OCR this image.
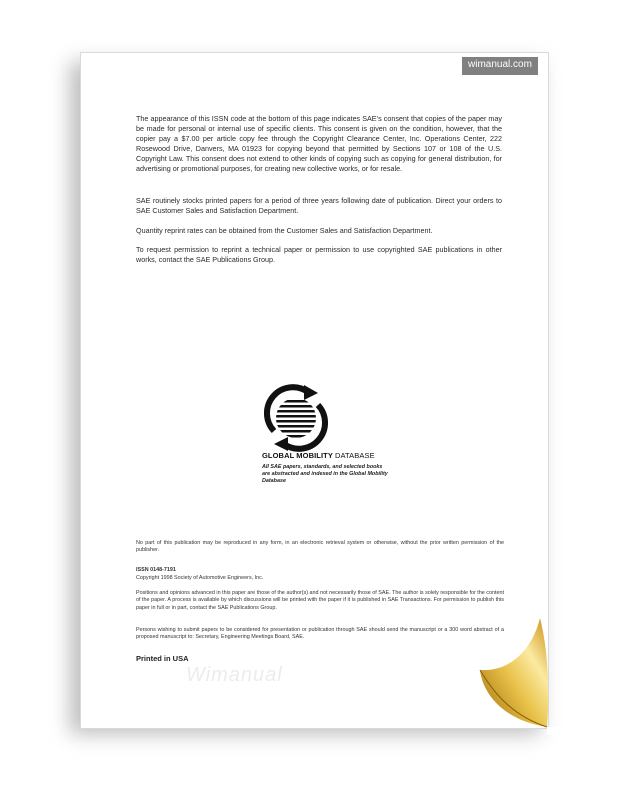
wimanual.com

The appearance of this ISSN code at the bottom of this page indicates SAE’s consent that copies of the paper may be made for personal or internal use of specific clients. This consent is given on the condition, however, that the copier pay a $7.00 per article copy fee through the Copyright Clearance Center, Inc. Operations Center, 222 Rosewood Drive, Danvers, MA 01923 for copying beyond that permitted by Sections 107 or 108 of the U.S. Copyright Law. This consent does not extend to other kinds of copying such as copying for general distribution, for advertising or promotional purposes, for creating new collective works, or for resale.

SAE routinely stocks printed papers for a period of three years following date of publication. Direct your orders to SAE Customer Sales and Satisfaction Department.

Quantity reprint rates can be obtained from the Customer Sales and Satisfaction Department.

To request permission to reprint a technical paper or permission to use copyrighted SAE publications in other works, contact the SAE Publications Group.

GLOBAL MOBILITY DATABASE

All SAE papers, standards, and selected books are abstracted and indexed in the Global Mobility Database

No part of this publication may be reproduced in any form, in an electronic retrieval system or otherwise, without the prior written permission of the publisher.

ISSN 0148-7191

Copyright 1998 Society of Automotive Engineers, Inc.

Positions and opinions advanced in this paper are those of the author(s) and not necessarily those of SAE. The author is solely responsible for the content of the paper. A process is available by which discussions will be printed with the paper if it is published in SAE Transactions. For permission to publish this paper in full or in part, contact the SAE Publications Group.

Persons wishing to submit papers to be considered for presentation or publication through SAE should send the manuscript or a 300 word abstract of a proposed manuscript to: Secretary, Engineering Meetings Board, SAE.

Printed in USA
Wimanual
